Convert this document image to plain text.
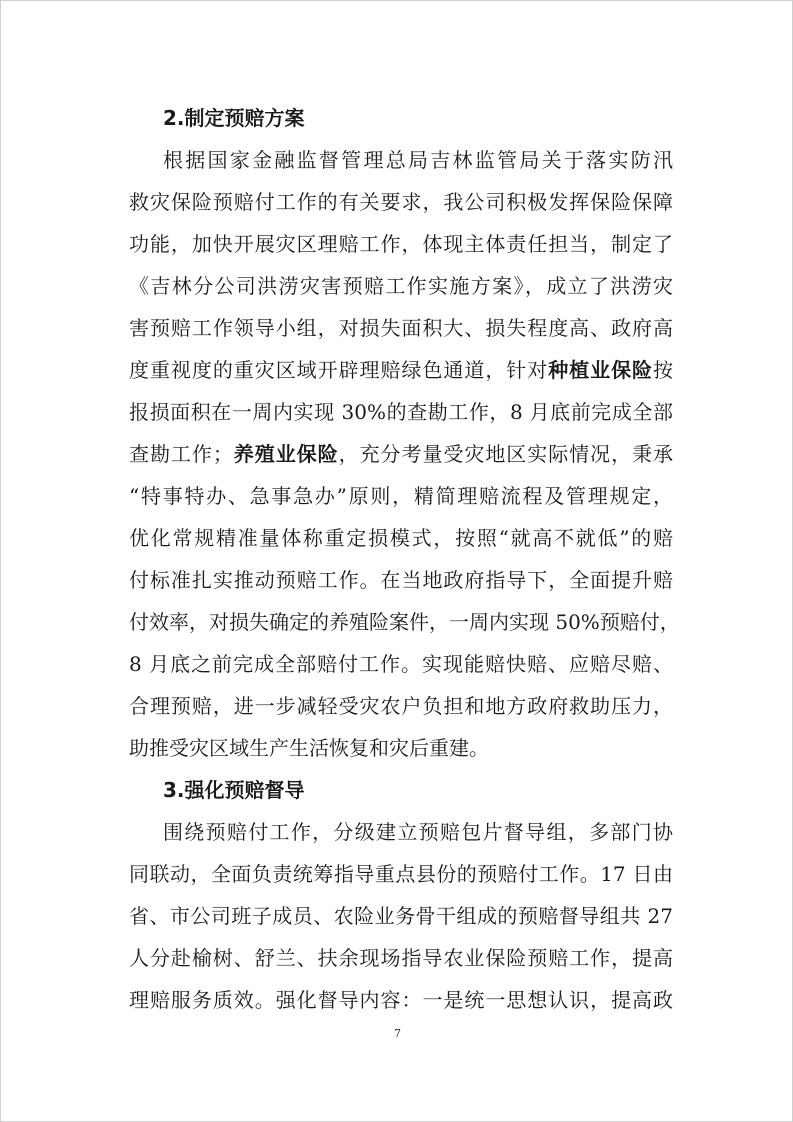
2.制定预赔方案
根据国家金融监督管理总局吉林监管局关于落实防汛
救灾保险预赔付工作的有关要求，我公司积极发挥保险保障
功能，加快开展灾区理赔工作，体现主体责任担当，制定了
《吉林分公司洪涝灾害预赔工作实施方案》，成立了洪涝灾
害预赔工作领导小组，对损失面积大、损失程度高、政府高
度重视度的重灾区域开辟理赔绿色通道，针对种植业保险按
报损面积在一周内实现 30%的查勘工作，8 月底前完成全部
查勘工作；养殖业保险，充分考量受灾地区实际情况，秉承
“特事特办、急事急办”原则，精简理赔流程及管理规定，
优化常规精准量体称重定损模式，按照“就高不就低”的赔
付标准扎实推动预赔工作。在当地政府指导下，全面提升赔
付效率，对损失确定的养殖险案件，一周内实现 50%预赔付，
8 月底之前完成全部赔付工作。实现能赔快赔、应赔尽赔、
合理预赔，进一步减轻受灾农户负担和地方政府救助压力，
助推受灾区域生产生活恢复和灾后重建。
3.强化预赔督导
围绕预赔付工作，分级建立预赔包片督导组，多部门协
同联动，全面负责统筹指导重点县份的预赔付工作。17 日由
省、市公司班子成员、农险业务骨干组成的预赔督导组共 27
人分赴榆树、舒兰、扶余现场指导农业保险预赔工作，提高
理赔服务质效。强化督导内容：一是统一思想认识，提高政
7
